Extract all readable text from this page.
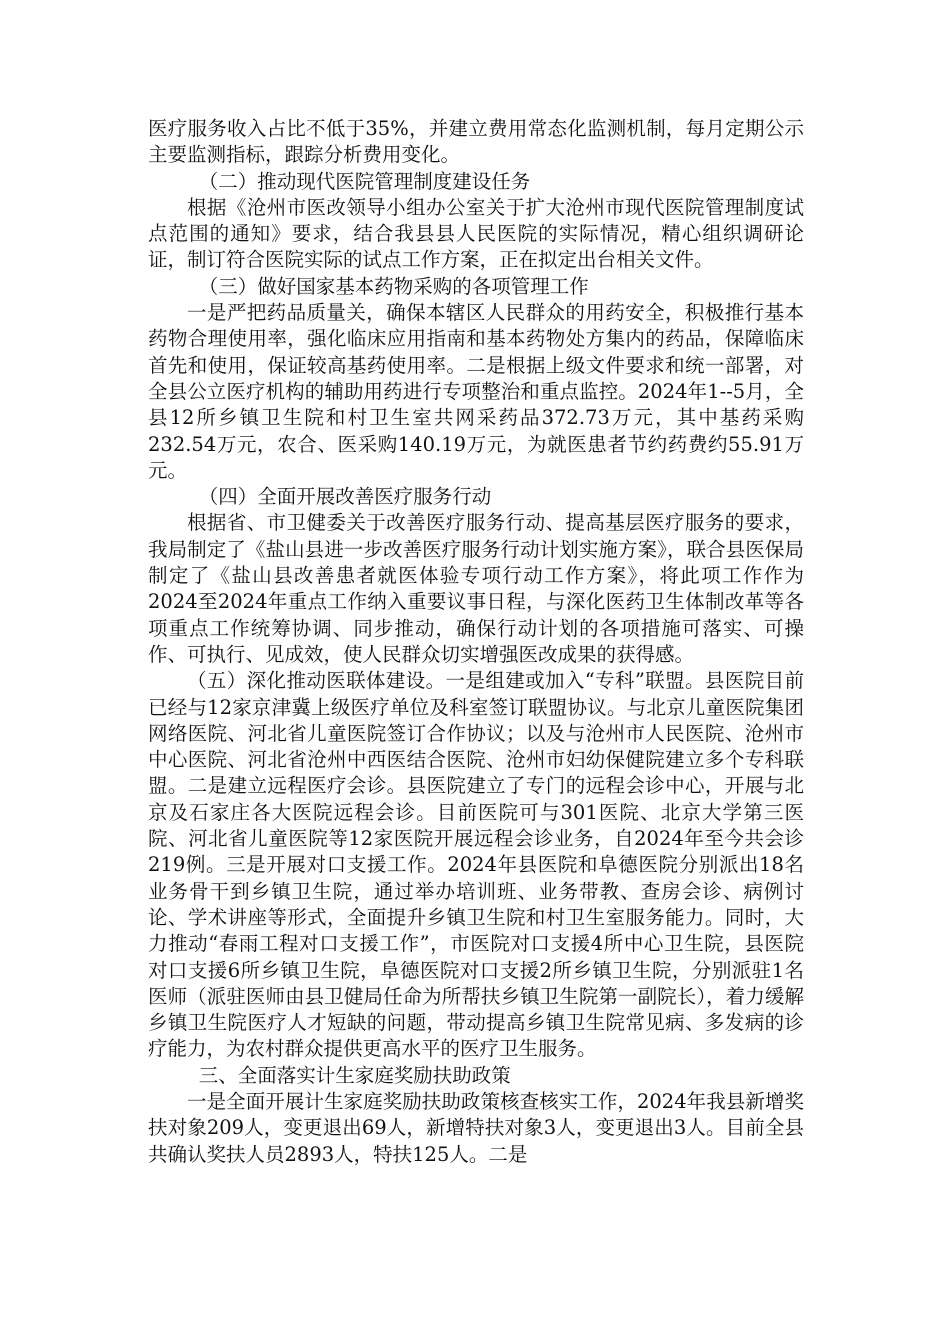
医疗服务收入占比不低于35%，并建立费用常态化监测机制，每月定期公示主要监测指标，跟踪分析费用变化。

（二）推动现代医院管理制度建设任务

根据《沧州市医改领导小组办公室关于扩大沧州市现代医院管理制度试点范围的通知》要求，结合我县县人民医院的实际情况，精心组织调研论证，制订符合医院实际的试点工作方案，正在拟定出台相关文件。

（三）做好国家基本药物采购的各项管理工作

一是严把药品质量关，确保本辖区人民群众的用药安全，积极推行基本药物合理使用率，强化临床应用指南和基本药物处方集内的药品，保障临床首先和使用，保证较高基药使用率。二是根据上级文件要求和统一部署，对全县公立医疗机构的辅助用药进行专项整治和重点监控。2024年1--5月，全县12所乡镇卫生院和村卫生室共网采药品372.73万元，其中基药采购232.54万元，农合、医采购140.19万元，为就医患者节约药费约55.91万元。

（四）全面开展改善医疗服务行动

根据省、市卫健委关于改善医疗服务行动、提高基层医疗服务的要求，我局制定了《盐山县进一步改善医疗服务行动计划实施方案》，联合县医保局制定了《盐山县改善患者就医体验专项行动工作方案》，将此项工作作为2024至2024年重点工作纳入重要议事日程，与深化医药卫生体制改革等各项重点工作统筹协调、同步推动，确保行动计划的各项措施可落实、可操作、可执行、见成效，使人民群众切实增强医改成果的获得感。

（五）深化推动医联体建设。一是组建或加入“专科”联盟。县医院目前已经与12家京津冀上级医疗单位及科室签订联盟协议。与北京儿童医院集团网络医院、河北省儿童医院签订合作协议；以及与沧州市人民医院、沧州市中心医院、河北省沧州中西医结合医院、沧州市妇幼保健院建立多个专科联盟。二是建立远程医疗会诊。县医院建立了专门的远程会诊中心，开展与北京及石家庄各大医院远程会诊。目前医院可与301医院、北京大学第三医院、河北省儿童医院等12家医院开展远程会诊业务，自2024年至今共会诊219例。三是开展对口支援工作。2024年县医院和阜德医院分别派出18名业务骨干到乡镇卫生院，通过举办培训班、业务带教、查房会诊、病例讨论、学术讲座等形式，全面提升乡镇卫生院和村卫生室服务能力。同时，大力推动“春雨工程对口支援工作”，市医院对口支援4所中心卫生院，县医院对口支援6所乡镇卫生院，阜德医院对口支援2所乡镇卫生院，分别派驻1名医师（派驻医师由县卫健局任命为所帮扶乡镇卫生院第一副院长），着力缓解乡镇卫生院医疗人才短缺的问题，带动提高乡镇卫生院常见病、多发病的诊疗能力，为农村群众提供更高水平的医疗卫生服务。

三、全面落实计生家庭奖励扶助政策

一是全面开展计生家庭奖励扶助政策核查核实工作，2024年我县新增奖扶对象209人，变更退出69人，新增特扶对象3人，变更退出3人。目前全县共确认奖扶人员2893人，特扶125人。二是
